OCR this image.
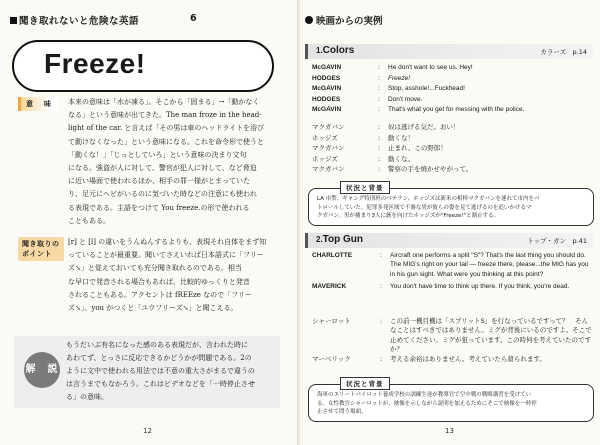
聞き取れないと危険な英語	6
Freeze!
意　味	本来の意味は「水が凍る」。そこから「固まる」→「動かなく
なる」という意味が出てきた。The man froze in the head-
light of the car. と言えば「その男は車のヘッドライトを浴び
て動けなくなった」という意味になる。これを命令形で使うと
「動くな！」「じっとしていろ」という意味の決まり文句
になる。強盗が人に対して、警官が犯人に対して、など脅迫
に近い場面で使われるほか、相手の罪一様がとまっていた
り、足元にヘビがいるのに気づいた時などの注意にも使われ
る表現である。主語をつけて You freeze.の形で使われる
こともある。
聞き取りの
ポイント
[r] と [l] の違いをうんぬんするよりも、表現それ自体をまず知
っていることが最重要。聞いてさえいれば日本語式に「フリー
ズ↘」と覚えておいても充分聞き取れるのである。相当
な早口で発音される場合もあれば、比較的ゆっくりと発音
されることもある。アクセントは fREEze なので「フリー
ズ↘」、you がつくと「ユウフリーズ↘」と聞こえる。
解　説
もうだいぶ有名になった感のある表現だが、言われた時に
あわてず、とっさに反応できるかどうかが問題である。2の
ように文中で使われる用法では不意の重大さがまるで違うの
は言うまでもなかろう。これはビデオなどを「一時停止させ
る」の意味。
12
映画からの実例
1.Colors	カラーズ　 p.14
McGAVIN	:	He don't want to see us. Hey!
HODGES	:	Freeze!
McGAVIN	:	Stop, asshole!...Fuckhead!
HODGES	:	Don't move.
McGAVIN	:	That's what you get for messing with the police.
マクガバン	:	奴は逃げる気だ。おい！
ホッジズ	:	動くな！
マクガバン	:	止まれ、この野郎！
ホッジズ	:	動くな。
マクガバン	:	警察の手を焼かせやがって。
LA 市警、ギャング特別班のベテラン、ホッジズは新米の相棒マクガバンを連れて市内をパ
トロールしていた。犯罪多発区域で不審な男が彼らの姿を見て逃げるのを追いかけるマ
クガバン。男が捕まり3人に銃を向けたホッジズが"Freeze!"と制止する。
状況と背景
2.Top Gun	トップ・ガン　 p.41
CHARLOTTE	:	Aircraft one performs a split "S"? That's the last thing you should do. The MIG's right on your tail — freeze there, please...the MIG has you in his gun sight. What were you thinking at this point?
MAVERICK	:	You don't have time to think up there. If you think, you're dead.
シャーロット	:	この前一機目機は「スプリットS」を行なっているですって？　そんなことはすべきではありません。ミグが背後にいるのですよ。そこで止めてください。ミグが狙っています。この時何を考えていたのですか？
マーベリック	:	考える余裕はありません。考えていたら殺られます。
海軍のエリートパイロット養成学校の訓練生達が教導官で空中戦の戦略講習を受けてい
る。女性教官シャーロットが、映像を示しながら説明を加えるためにそこで映像を一時停
止させて問う場面。
状況と背景
13
